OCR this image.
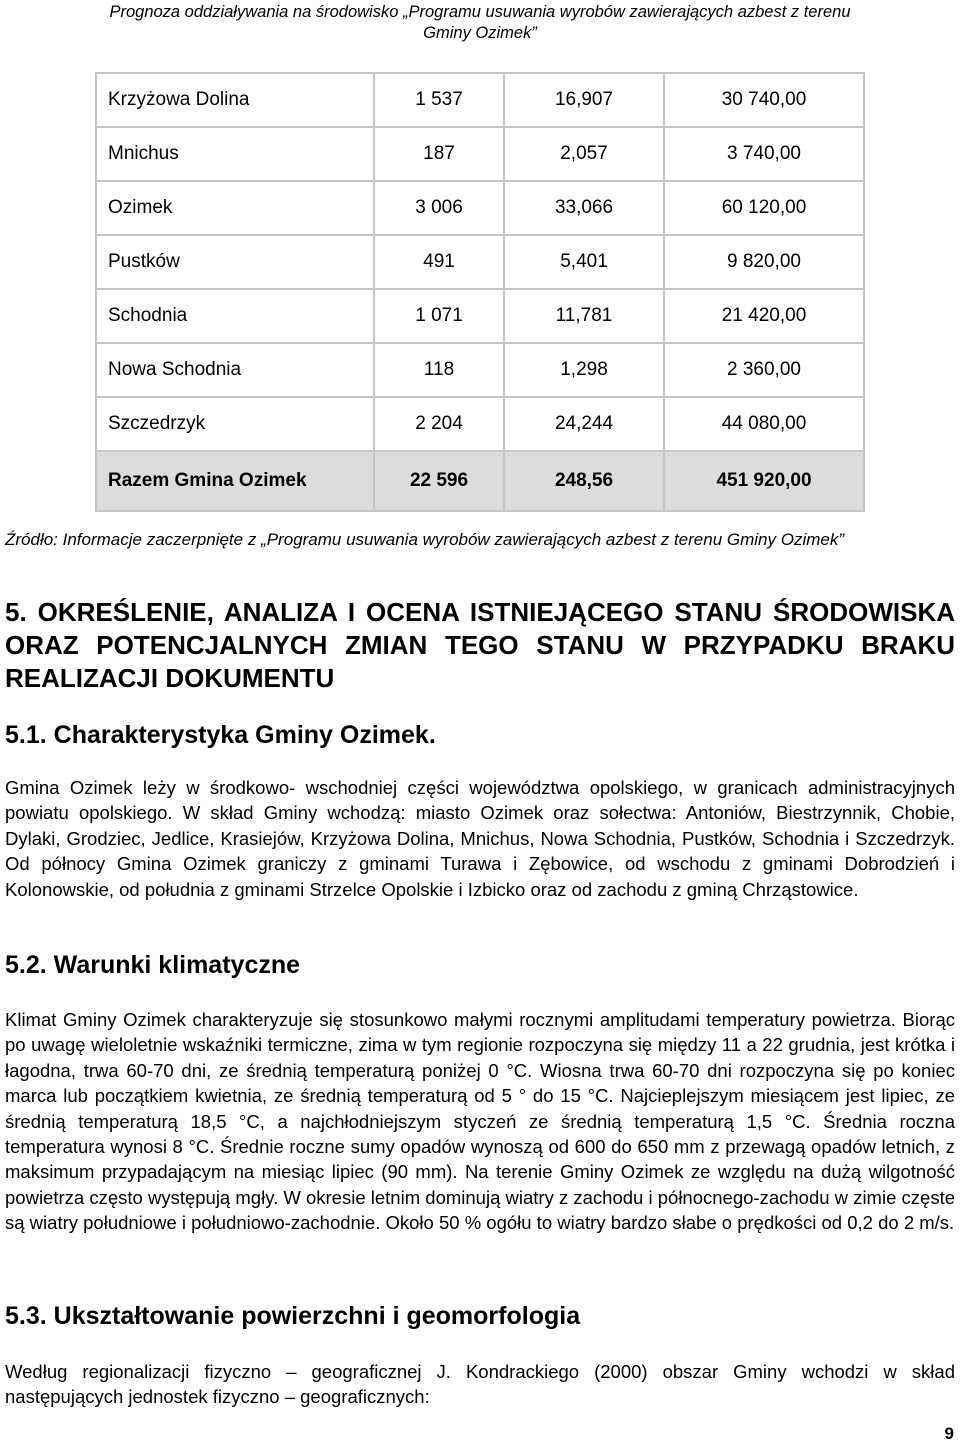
Prognoza oddziaływania na środowisko „Programu usuwania wyrobów zawierających azbest z terenu
Gminy Ozimek”
Krzyżowa Dolina	1 537	16,907	30 740,00
Mnichus	187	2,057	3 740,00
Ozimek	3 006	33,066	60 120,00
Pustków	491	5,401	9 820,00
Schodnia	1 071	11,781	21 420,00
Nowa Schodnia	118	1,298	2 360,00
Szczedrzyk	2 204	24,244	44 080,00
Razem Gmina Ozimek	22 596	248,56	451 920,00
Źródło: Informacje zaczerpnięte z „Programu usuwania wyrobów zawierających azbest z terenu Gminy Ozimek”
5. OKREŚLENIE, ANALIZA I OCENA ISTNIEJĄCEGO STANU ŚRODOWISKA ORAZ POTENCJALNYCH ZMIAN TEGO STANU W PRZYPADKU BRAKU REALIZACJI DOKUMENTU
5.1. Charakterystyka Gminy Ozimek.

Gmina Ozimek leży w środkowo- wschodniej części województwa opolskiego, w granicach administracyjnych powiatu opolskiego. W skład Gminy wchodzą: miasto Ozimek oraz sołectwa: Antoniów, Biestrzynnik, Chobie, Dylaki, Grodziec, Jedlice, Krasiejów, Krzyżowa Dolina, Mnichus, Nowa Schodnia, Pustków, Schodnia i Szczedrzyk. Od północy Gmina Ozimek graniczy z gminami Turawa i Zębowice, od wschodu z gminami Dobrodzień i Kolonowskie, od południa z gminami Strzelce Opolskie i Izbicko oraz od zachodu z gminą Chrząstowice.

5.2. Warunki klimatyczne

Klimat Gminy Ozimek charakteryzuje się stosunkowo małymi rocznymi amplitudami temperatury powietrza. Biorąc po uwagę wieloletnie wskaźniki termiczne, zima w tym regionie rozpoczyna się między 11 a 22 grudnia, jest krótka i łagodna, trwa 60-70 dni, ze średnią temperaturą poniżej 0 °C. Wiosna trwa 60-70 dni rozpoczyna się po koniec marca lub początkiem kwietnia, ze średnią temperaturą od 5 ° do 15 °C. Najcieplejszym miesiącem jest lipiec, ze średnią temperaturą 18,5 °C, a najchłodniejszym styczeń ze średnią temperaturą 1,5 °C. Średnia roczna temperatura wynosi 8 °C. Średnie roczne sumy opadów wynoszą od 600 do 650 mm z przewagą opadów letnich, z maksimum przypadającym na miesiąc lipiec (90 mm). Na terenie Gminy Ozimek ze względu na dużą wilgotność powietrza często występują mgły. W okresie letnim dominują wiatry z zachodu i północnego-zachodu w zimie częste są wiatry południowe i południowo-zachodnie. Około 50 % ogółu to wiatry bardzo słabe o prędkości od 0,2 do 2 m/s.

5.3. Ukształtowanie powierzchni i geomorfologia

Według regionalizacji fizyczno – geograficznej J. Kondrackiego (2000) obszar Gminy wchodzi w skład następujących jednostek fizyczno – geograficznych:

9
